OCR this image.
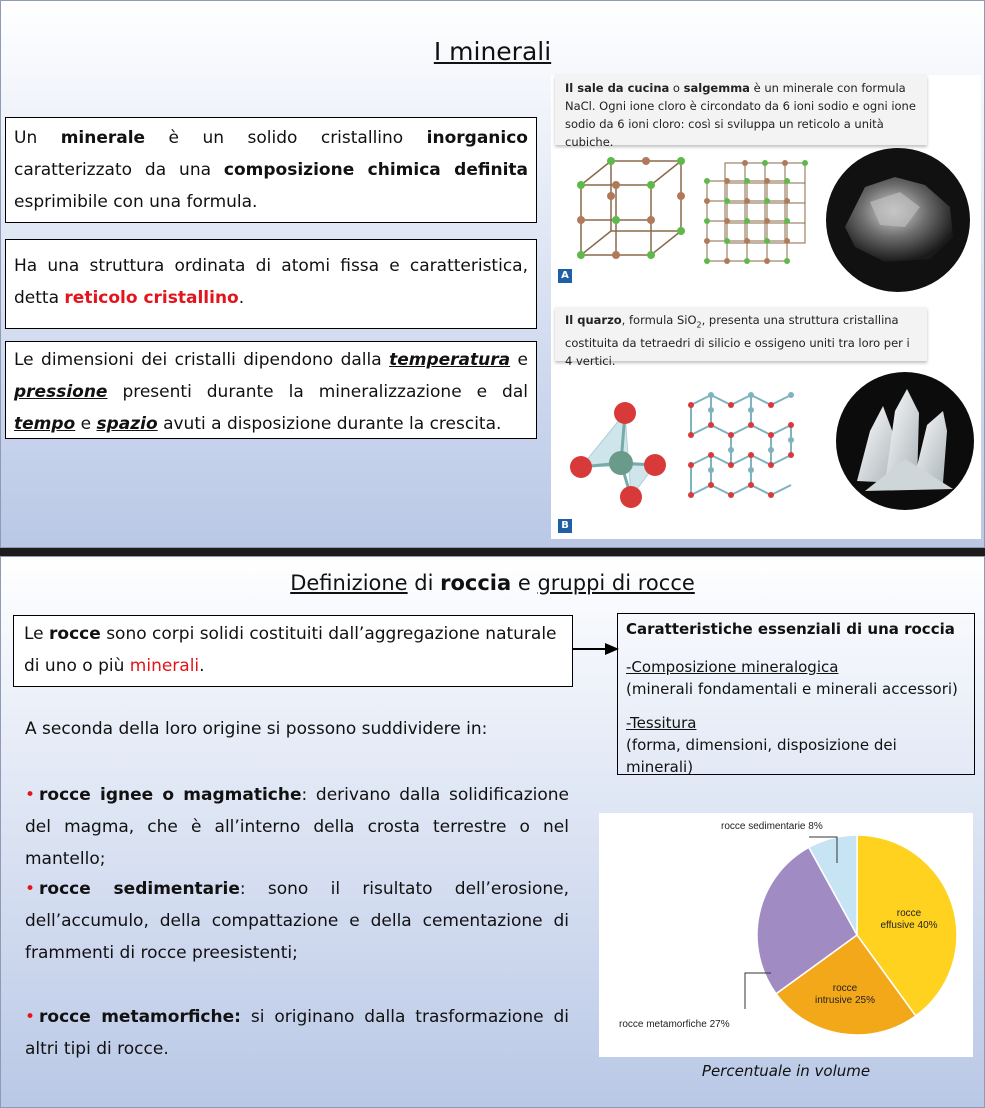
I minerali
Un minerale è un solido cristallino inorganico caratterizzato da una composizione chimica definita esprimibile con una formula.
Ha una struttura ordinata di atomi fissa e caratteristica, detta reticolo cristallino.
Le dimensioni dei cristalli dipendono dalla temperatura e pressione presenti durante la mineralizzazione e dal tempo e spazio avuti a disposizione durante la crescita.
Il sale da cucina o salgemma è un minerale con formula NaCl. Ogni ione cloro è circondato da 6 ioni sodio e ogni ione sodio da 6 ioni cloro: così si sviluppa un reticolo a unità cubiche.
A
Il quarzo, formula SiO$_2$, presenta una struttura cristallina costituita da tetraedri di silicio e ossigeno uniti tra loro per i 4 vertici.
B
Definizione di roccia e gruppi di rocce
Le rocce sono corpi solidi costituiti dall’aggregazione naturale di uno o più minerali.
Caratteristiche essenziali di una roccia
-Composizione mineralogica
(minerali fondamentali e minerali accessori)
-Tessitura
(forma, dimensioni, disposizione dei minerali)
A seconda della loro origine si possono suddividere in:
• rocce ignee o magmatiche: derivano dalla solidificazione del magma, che è all’interno della crosta terrestre o nel mantello;
• rocce sedimentarie: sono il risultato dell’erosione, dell’accumulo, della compattazione e della cementazione di frammenti di rocce preesistenti;
• rocce metamorfiche: si originano dalla trasformazione di altri tipi di rocce.
rocce sedimentarie 8%
rocce metamorfiche 27%
rocce
effusive 40%
rocce
intrusive 25%
Percentuale in volume
